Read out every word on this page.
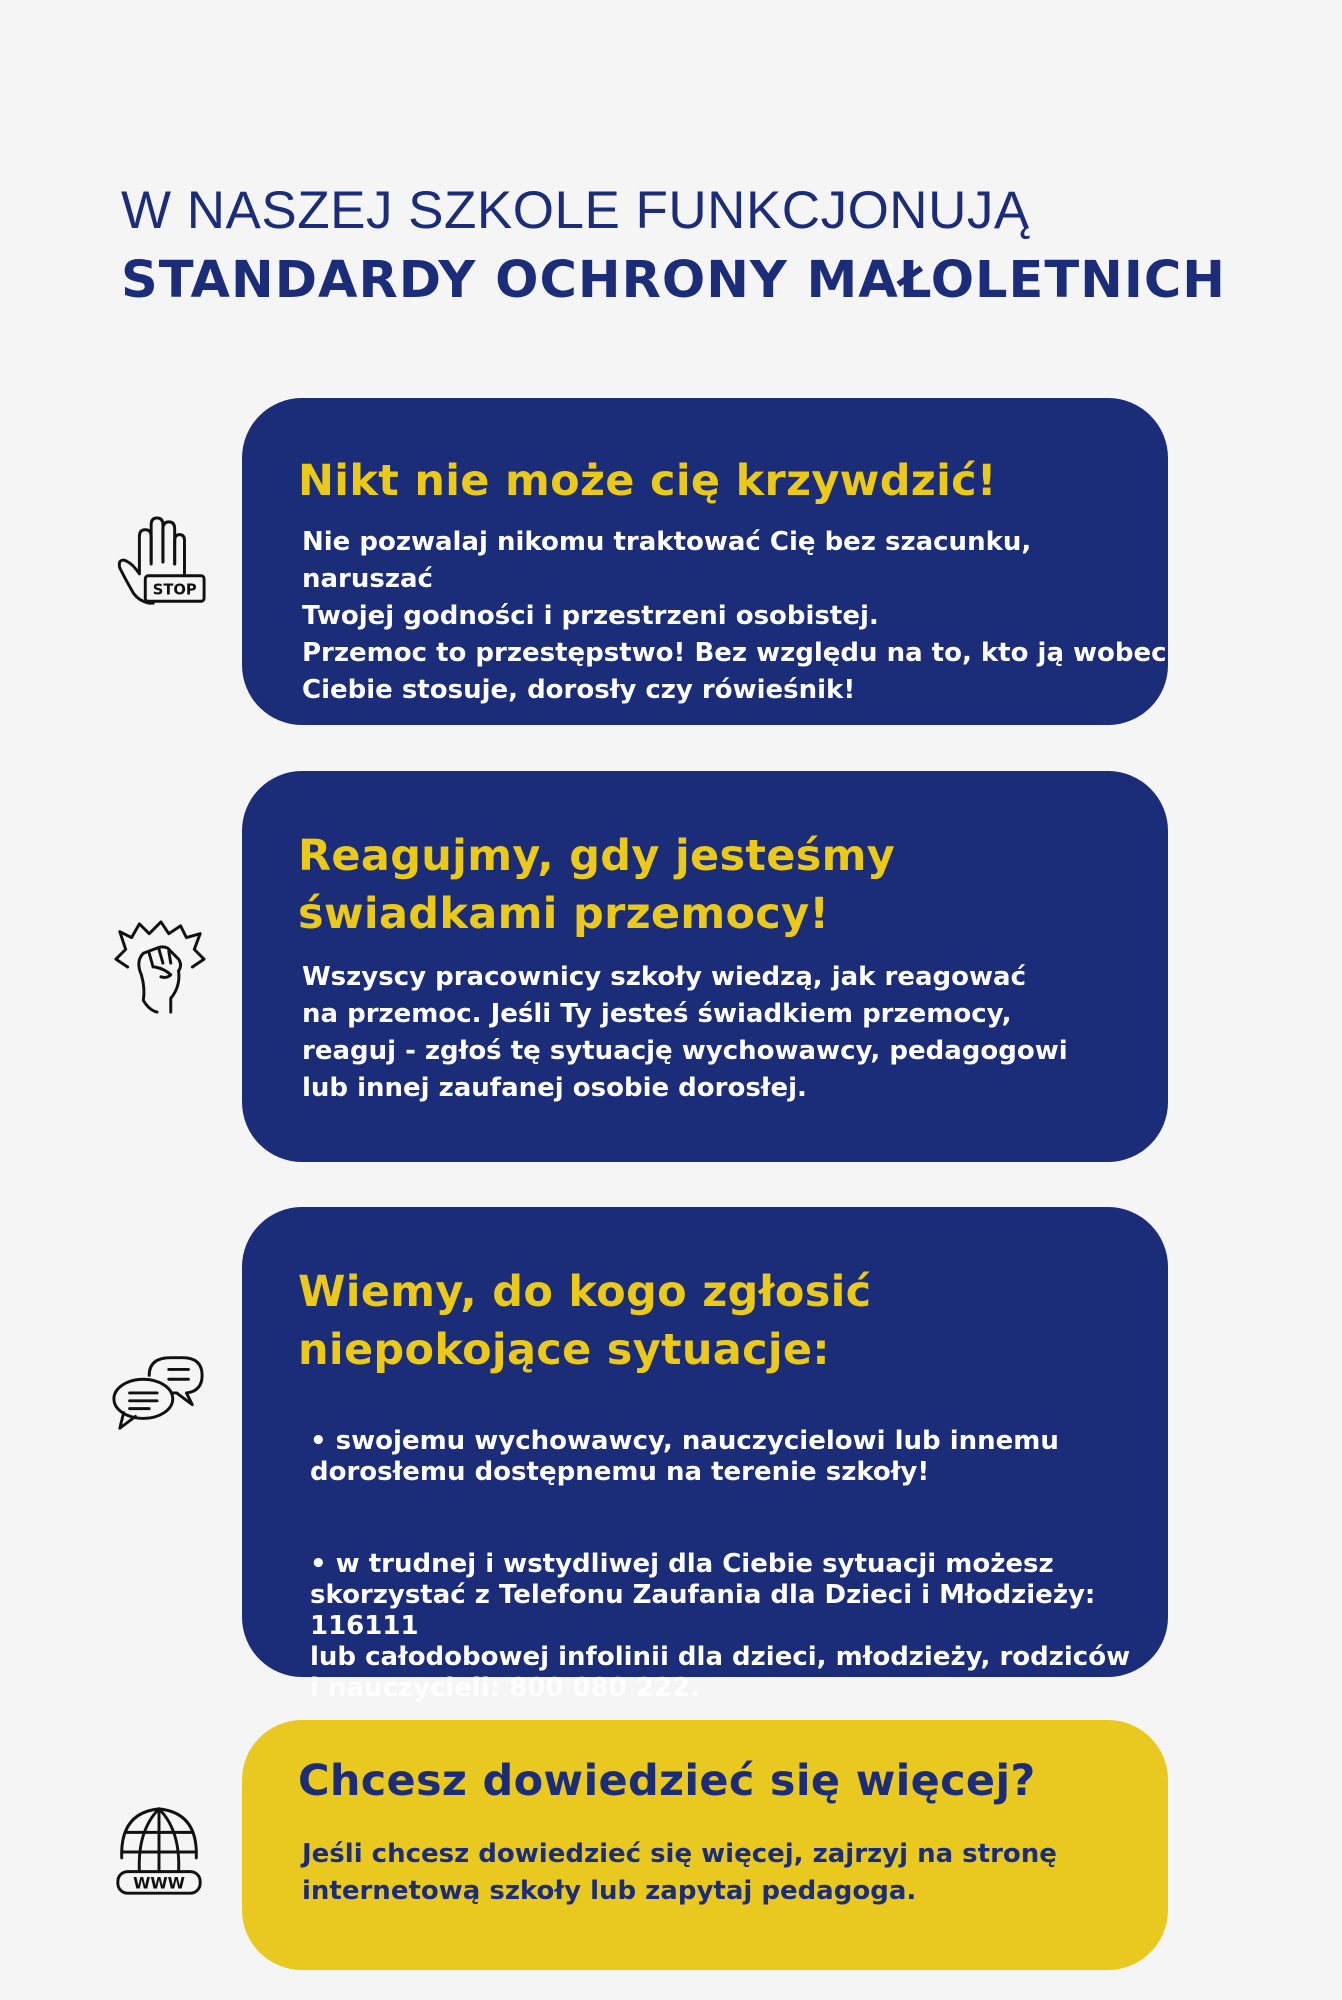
W NASZEJ SZKOLE FUNKCJONUJĄ
STANDARDY OCHRONY MAŁOLETNICH
STOP
Nikt nie może cię krzywdzić!
Nie pozwalaj nikomu traktować Cię bez szacunku, naruszać
Twojej godności i przestrzeni osobistej.
Przemoc to przestępstwo! Bez względu na to, kto ją wobec
Ciebie stosuje, dorosły czy rówieśnik!
Reagujmy, gdy jesteśmy
świadkami przemocy!
Wszyscy pracownicy szkoły wiedzą, jak reagować
na przemoc. Jeśli Ty jesteś świadkiem przemocy,
reaguj - zgłoś tę sytuację wychowawcy, pedagogowi
lub innej zaufanej osobie dorosłej.
Wiemy, do kogo zgłosić
niepokojące sytuacje:

• swojemu wychowawcy, nauczycielowi lub innemu
dorosłemu dostępnemu na terenie szkoły!

• w trudnej i wstydliwej dla Ciebie sytuacji możesz
skorzystać z Telefonu Zaufania dla Dzieci i Młodzieży: 116111
lub całodobowej infolinii dla dzieci, młodzieży, rodziców
i nauczycieli: 800 080 222.

WWW
Chcesz dowiedzieć się więcej?
Jeśli chcesz dowiedzieć się więcej, zajrzyj na stronę
internetową szkoły lub zapytaj pedagoga.
